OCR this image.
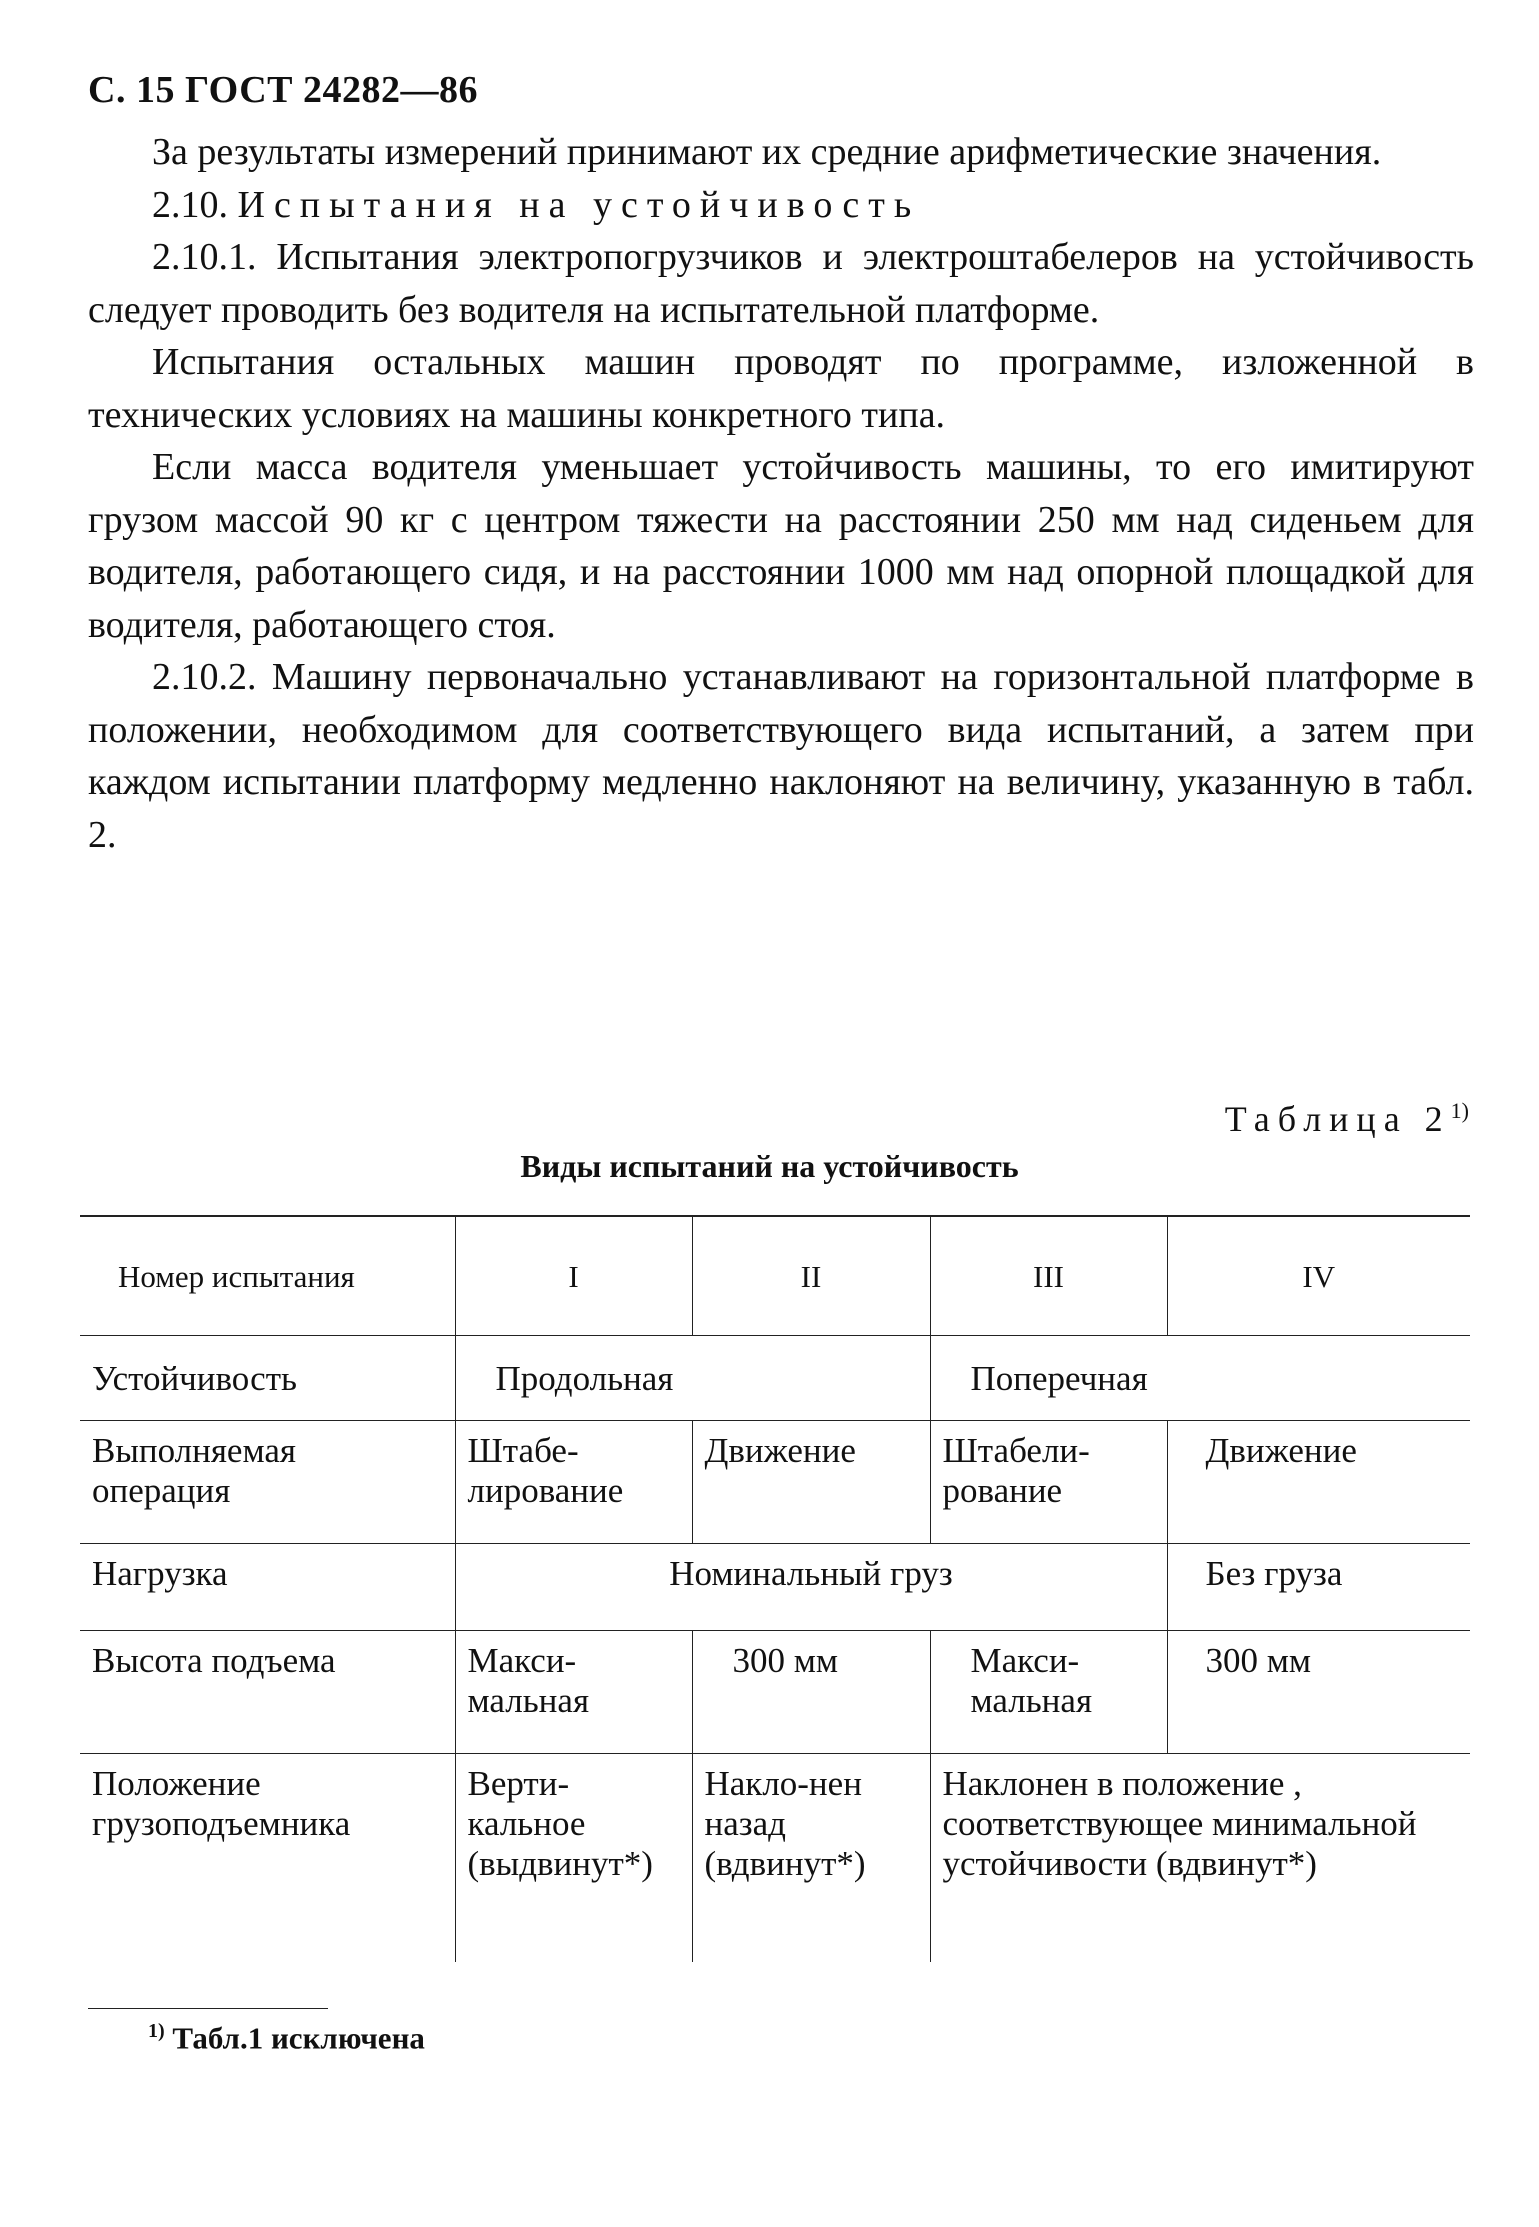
С. 15 ГОСТ 24282—86

За результаты измерений принимают их средние арифметические значения.

2.10. Испытания на устойчивость

2.10.1. Испытания электропогрузчиков и электроштабелеров на устойчивость следует проводить без водителя на испытательной платформе.

Испытания остальных машин проводят по программе, изложенной в технических условиях на машины конкретного типа.

Если масса водителя уменьшает устойчивость машины, то его имитируют грузом массой 90 кг с центром тяжести на расстоянии 250 мм над сиденьем для водителя, работающего сидя, и на расстоянии 1000 мм над опорной площадкой для водителя, работающего стоя.

2.10.2. Машину первоначально устанавливают на горизонтальной платформе в положении, необходимом для соответствующего вида испытаний, а затем при каждом испытании платформу медленно наклоняют на величину, указанную в табл. 2.

Таблица 2$^{1)}$
Виды испытаний на устойчивость
Номер испытания	I	II	III	IV
Устойчивость	Продольная		Поперечная	
Выполняемая операция	Штабе-лирование	Движение	Штабели-рование	Движение
Нагрузка	Номинальный груз			Без груза
Высота подъема	Макси-мальная	300 мм	Макси-мальная	300 мм
Положение грузоподъемника	Верти-кальное (выдвинут*)	Накло-нен назад (вдвинут*)	Наклонен в положение , соответствующее минимальной устойчивости (вдвинут*)	
$^{1)}$ Табл.1 исключена
